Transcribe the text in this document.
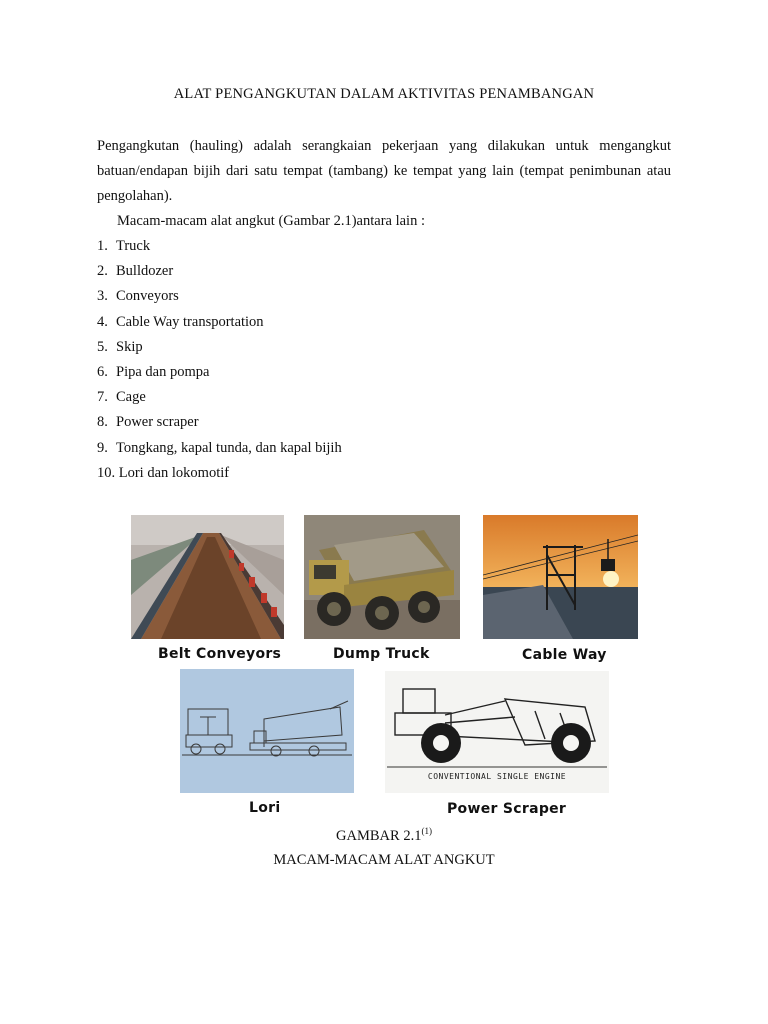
ALAT PENGANGKUTAN DALAM AKTIVITAS PENAMBANGAN
Pengangkutan (hauling) adalah serangkaian pekerjaan yang dilakukan untuk mengangkut batuan/endapan bijih dari satu tempat (tambang) ke tempat yang lain (tempat penimbunan atau pengolahan).
Macam-macam alat angkut (Gambar 2.1)antara lain :
1. Truck
2. Bulldozer
3. Conveyors
4. Cable Way transportation
5. Skip
6. Pipa dan pompa
7. Cage
8. Power scraper
9. Tongkang, kapal tunda, dan kapal bijih
10. Lori dan lokomotif
Belt Conveyors	Dump Truck	Cable Way
Lori
CONVENTIONAL SINGLE ENGINE
Power Scraper
GAMBAR 2.1$^{(1)}$
MACAM-MACAM ALAT ANGKUT
